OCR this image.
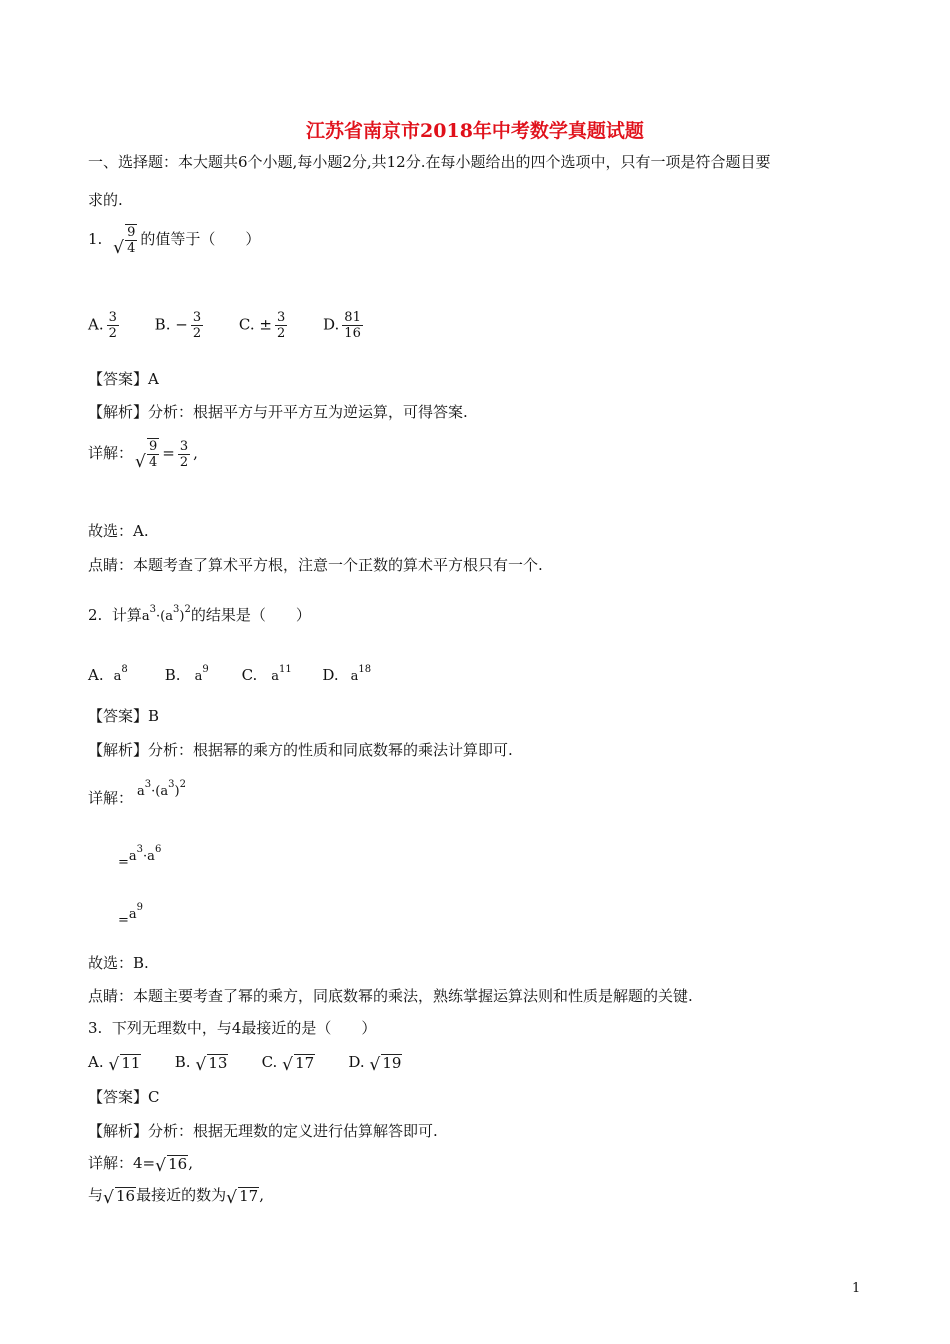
江苏省南京市2018年中考数学真题试题
一、选择题：本大题共6个小题,每小题2分,共12分.在每小题给出的四个选项中，只有一项是符合题目要
求的.
1. √ $\frac{9}{4}$ 的值等于（　　）
A. $\frac{3}{2} B$. − $\frac{3}{2} C$. ± $\frac{3}{2} D$. $\frac{81}{16}$
【答案】A
【解析】分析：根据平方与开平方互为逆运算，可得答案.
详解： √ $\frac{9}{4} = \frac{3}{2}$ ,
故选：A.
点睛：本题考查了算术平方根，注意一个正数的算术平方根只有一个.
2. 计算$a^3\cdot(a^3)^2$的结果是（　　）
A. $a^8$ B. $a^9$ C. $a^{11}$ D. $a^{18}$
【答案】B
【解析】分析：根据幂的乘方的性质和同底数幂的乘法计算即可.
详解： $a^3\cdot(a^3)^2$
$=a^3\cdot a^6$
$=a^9$
故选：B.
点睛：本题主要考查了幂的乘方，同底数幂的乘法，熟练掌握运算法则和性质是解题的关键.
3. 下列无理数中，与4最接近的是（　　）
A. √ 11 B. √ 13 C. √ 17 D. √ 19
【答案】C
【解析】分析：根据无理数的定义进行估算解答即可.
详解：4= √ 16,
与 √ 16最接近的数为 √ 17,
1
